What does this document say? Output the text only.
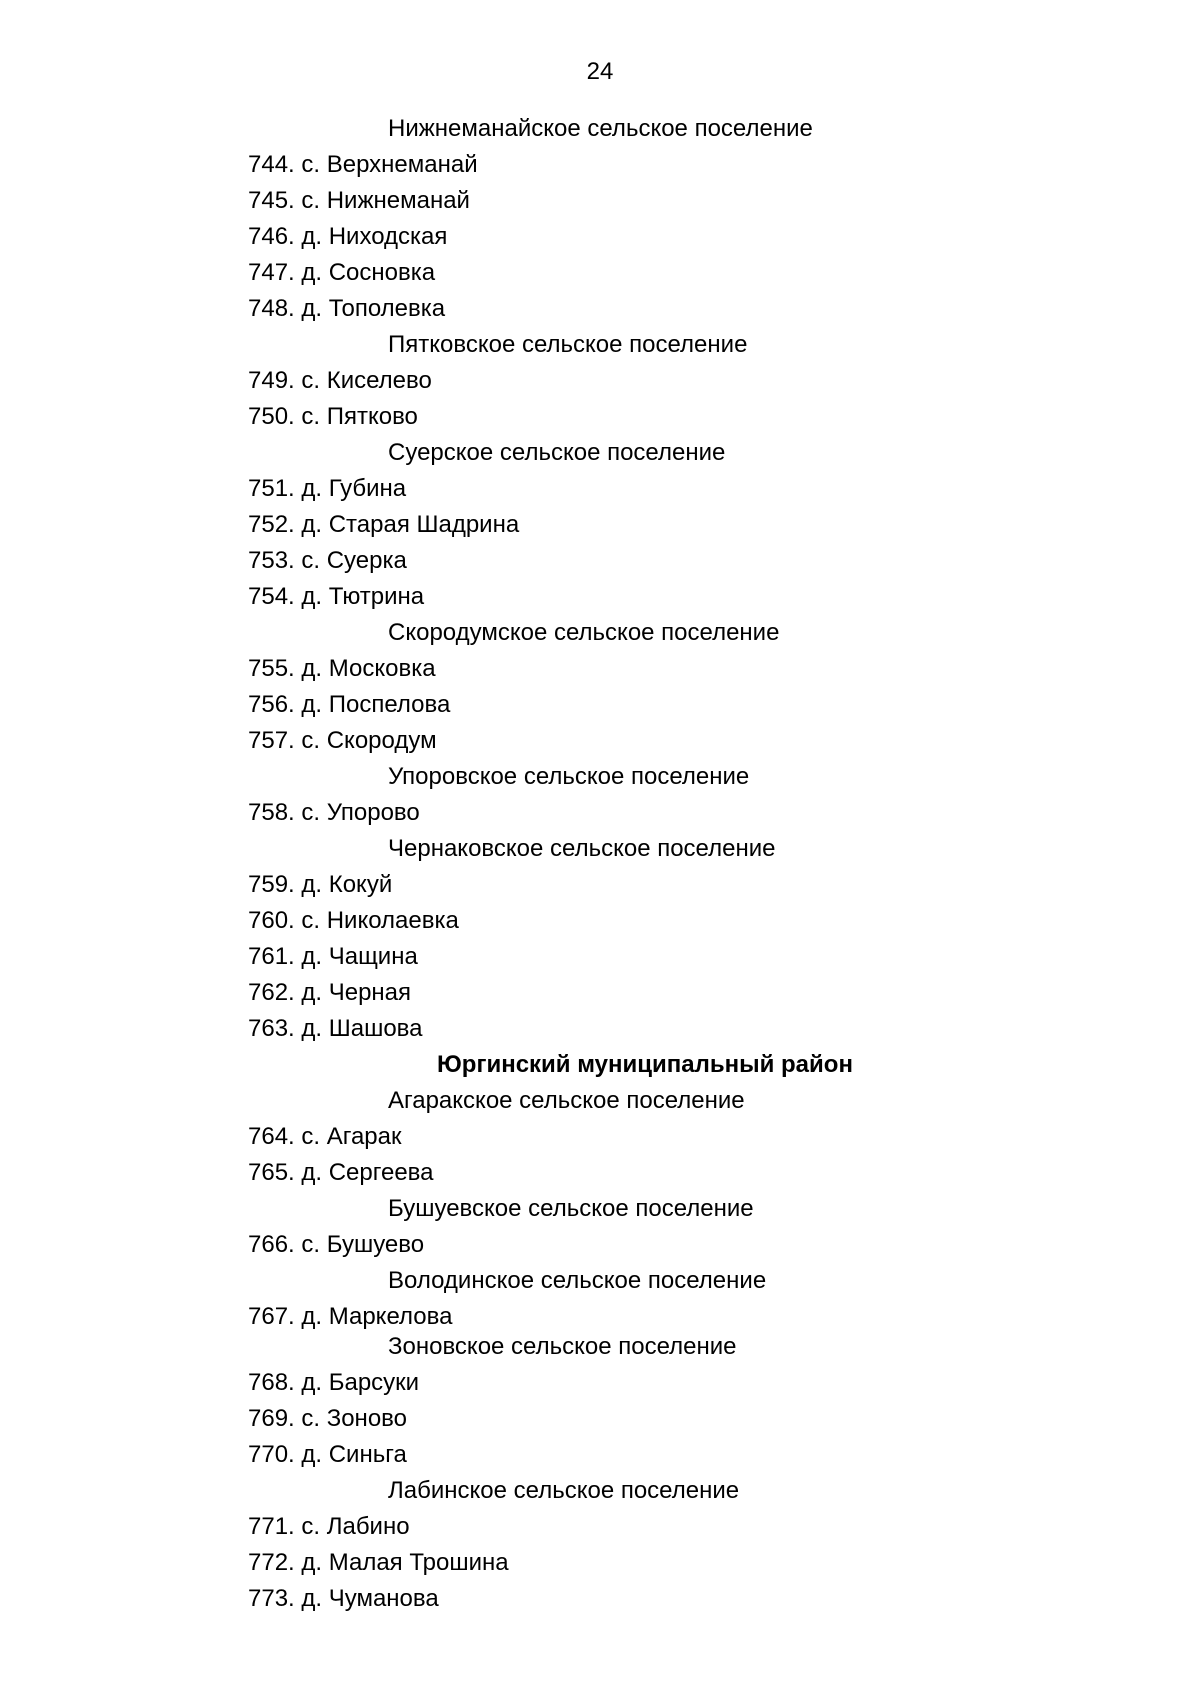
24
Нижнеманайское сельское поселение
744. с. Верхнеманай
745. с. Нижнеманай
746. д. Ниходская
747. д. Сосновка
748. д. Тополевка
Пятковское сельское поселение
749. с. Киселево
750. с. Пятково
Суерское сельское поселение
751. д. Губина
752. д. Старая Шадрина
753. с. Суерка
754. д. Тютрина
Скородумское сельское поселение
755. д. Московка
756. д. Поспелова
757. с. Скородум
Упоровское сельское поселение
758. с. Упорово
Чернаковское сельское поселение
759. д. Кокуй
760. с. Николаевка
761. д. Чащина
762. д. Черная
763. д. Шашова
Юргинский муниципальный район
Агаракское сельское поселение
764. с. Агарак
765. д. Сергеева
Бушуевское сельское поселение
766. с. Бушуево
Володинское сельское поселение
767. д. Маркелова
Зоновское сельское поселение
768. д. Барсуки
769. с. Зоново
770. д. Синьга
Лабинское сельское поселение
771. с. Лабино
772. д. Малая Трошина
773. д. Чуманова
